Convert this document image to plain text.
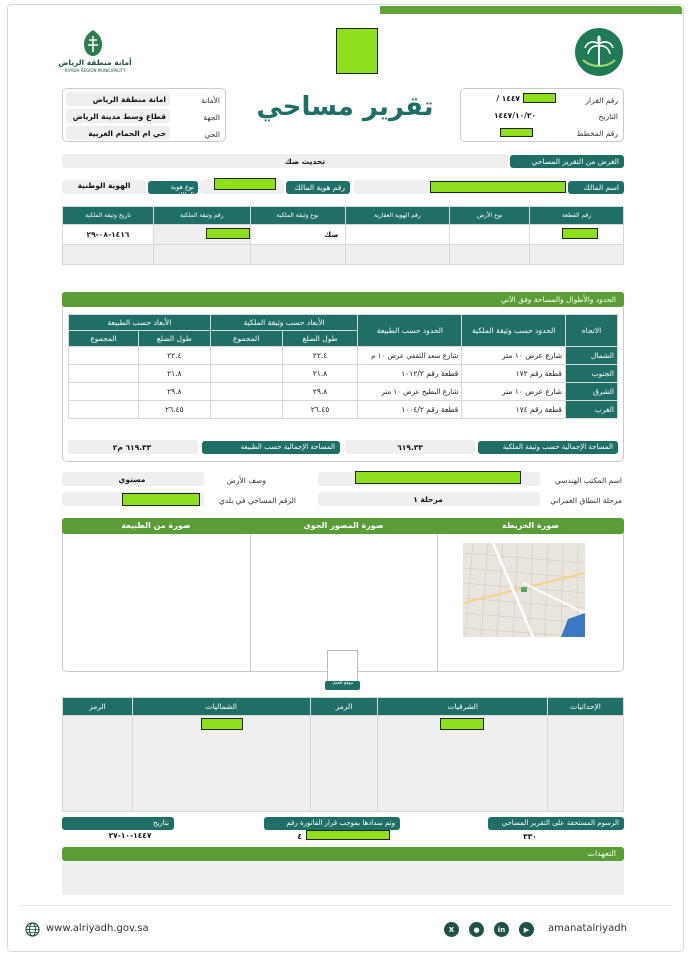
أمانة منطقة الرياض
RIYADH REGION MUNICIPALITY
تقرير مساحي	رقم القرار
/ ١٤٤٧
التاريخ
١٤٤٧/١٠/٢٠
رقم المخطط
امانة منطقة الرياض	الأمانة
قطاع وسط مدينة الرياض	الجهة
حي ام الحمام الغربية	الحي
تحديث صك	الغرض من التقرير المساحي
اسم المالك
رقم هوية المالك
الهوية الوطنية	نوع هوية المالك
تاريخ وثيقة الملكية	رقم وثيقة الملكية	نوع وثيقة الملكية	رقم الهوية العقارية	نوع الأرض	رقم القطعة
١٤١٦-٠٨-٢٩		صك			

الحدود والأطوال والمساحة وفق الآتي
الأبعاد حسب الطبيعة		الأبعاد حسب وثيقة الملكية		الحدود حسب الطبيعة	الحدود حسب وثيقة الملكية	الاتجاه
المجموع	طول الضلع	المجموع	طول الضلع			
	٢٢.٤		٢٢.٤	شارع سعد الثقفي عرض ١٠ م	شارع عرض ١٠ متر	الشمال
	٢١.٨		٢١.٨	قطعة رقم ١٠١٢/٢	قطعة رقم ١٧٢	الجنوب
	٢٩.٨		٢٩.٨	شارع البطيخ عرض ١٠ متر	شارع عرض ١٠ متر	الشرق
	٢٦.٤٥		٢٦.٤٥	قطعة رقم ١٠٠٤/٢	قطعة رقم ١٧٤	الغرب
٦١٩.٣٣	المساحة الإجمالية حسب وثيقة الملكية
٦١٩.٣٣ م٢	المساحة الإجمالية حسب الطبيعة
اسم المكتب الهندسي
مستوي	وصف الأرض
مرحلة ١	مرحلة النطاق العمراني
الرقم المساحي في بلدي
صورة الخريطة
صورة المصور الجوي
صورة من الطبيعة
موقع العمل
الرمز	الشماليات	الرمز	الشرقيات	الإحداثيات

الرسوم المستحقة على التقرير المساحي
٣٣٠
وتم سدادها بموجب قرار الفاتورة رقم
٤
بتاريخ
١٤٤٧-١٠-٢٧
التعهدات
www.alriyadh.gov.sa	X	●	in	▶	amanatalriyadh
